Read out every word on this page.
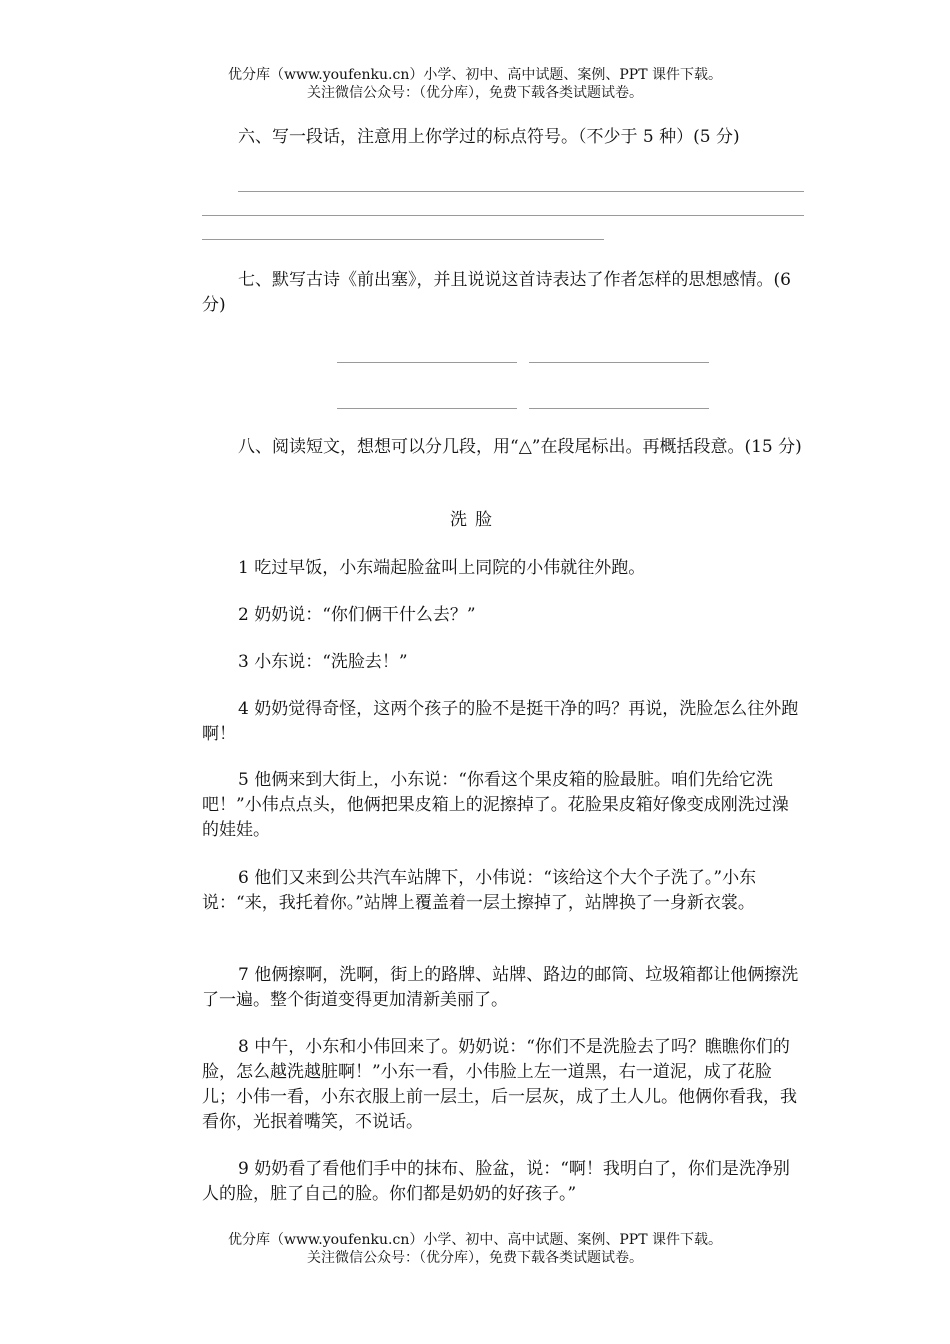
优分库（www.youfenku.cn）小学、初中、高中试题、案例、PPT 课件下载。
关注微信公众号：（优分库），免费下载各类试题试卷。
六、写一段话，注意用上你学过的标点符号。（不少于 5 种）(5 分)
七、默写古诗《前出塞》，并且说说这首诗表达了作者怎样的思想感情。(6 分)
八、阅读短文，想想可以分几段，用“△”在段尾标出。再概括段意。(15 分)
洗脸
1 吃过早饭，小东端起脸盆叫上同院的小伟就往外跑。
2 奶奶说：“你们俩干什么去？”
3 小东说：“洗脸去！”
4 奶奶觉得奇怪，这两个孩子的脸不是挺干净的吗？再说，洗脸怎么往外跑啊！
5 他俩来到大街上，小东说：“你看这个果皮箱的脸最脏。咱们先给它洗吧！”小伟点点头，他俩把果皮箱上的泥擦掉了。花脸果皮箱好像变成刚洗过澡的娃娃。
6 他们又来到公共汽车站牌下，小伟说：“该给这个大个子洗了。”小东说：“来，我托着你。”站牌上覆盖着一层土擦掉了，站牌换了一身新衣裳。
7 他俩擦啊，洗啊，街上的路牌、站牌、路边的邮筒、垃圾箱都让他俩擦洗了一遍。整个街道变得更加清新美丽了。
8 中午，小东和小伟回来了。奶奶说：“你们不是洗脸去了吗？瞧瞧你们的脸，怎么越洗越脏啊！”小东一看，小伟脸上左一道黑，右一道泥，成了花脸儿；小伟一看，小东衣服上前一层土，后一层灰，成了土人儿。他俩你看我，我看你，光抿着嘴笑，不说话。
9 奶奶看了看他们手中的抹布、脸盆，说：“啊！我明白了，你们是洗净别人的脸，脏了自己的脸。你们都是奶奶的好孩子。”
优分库（www.youfenku.cn）小学、初中、高中试题、案例、PPT 课件下载。
关注微信公众号：（优分库），免费下载各类试题试卷。
